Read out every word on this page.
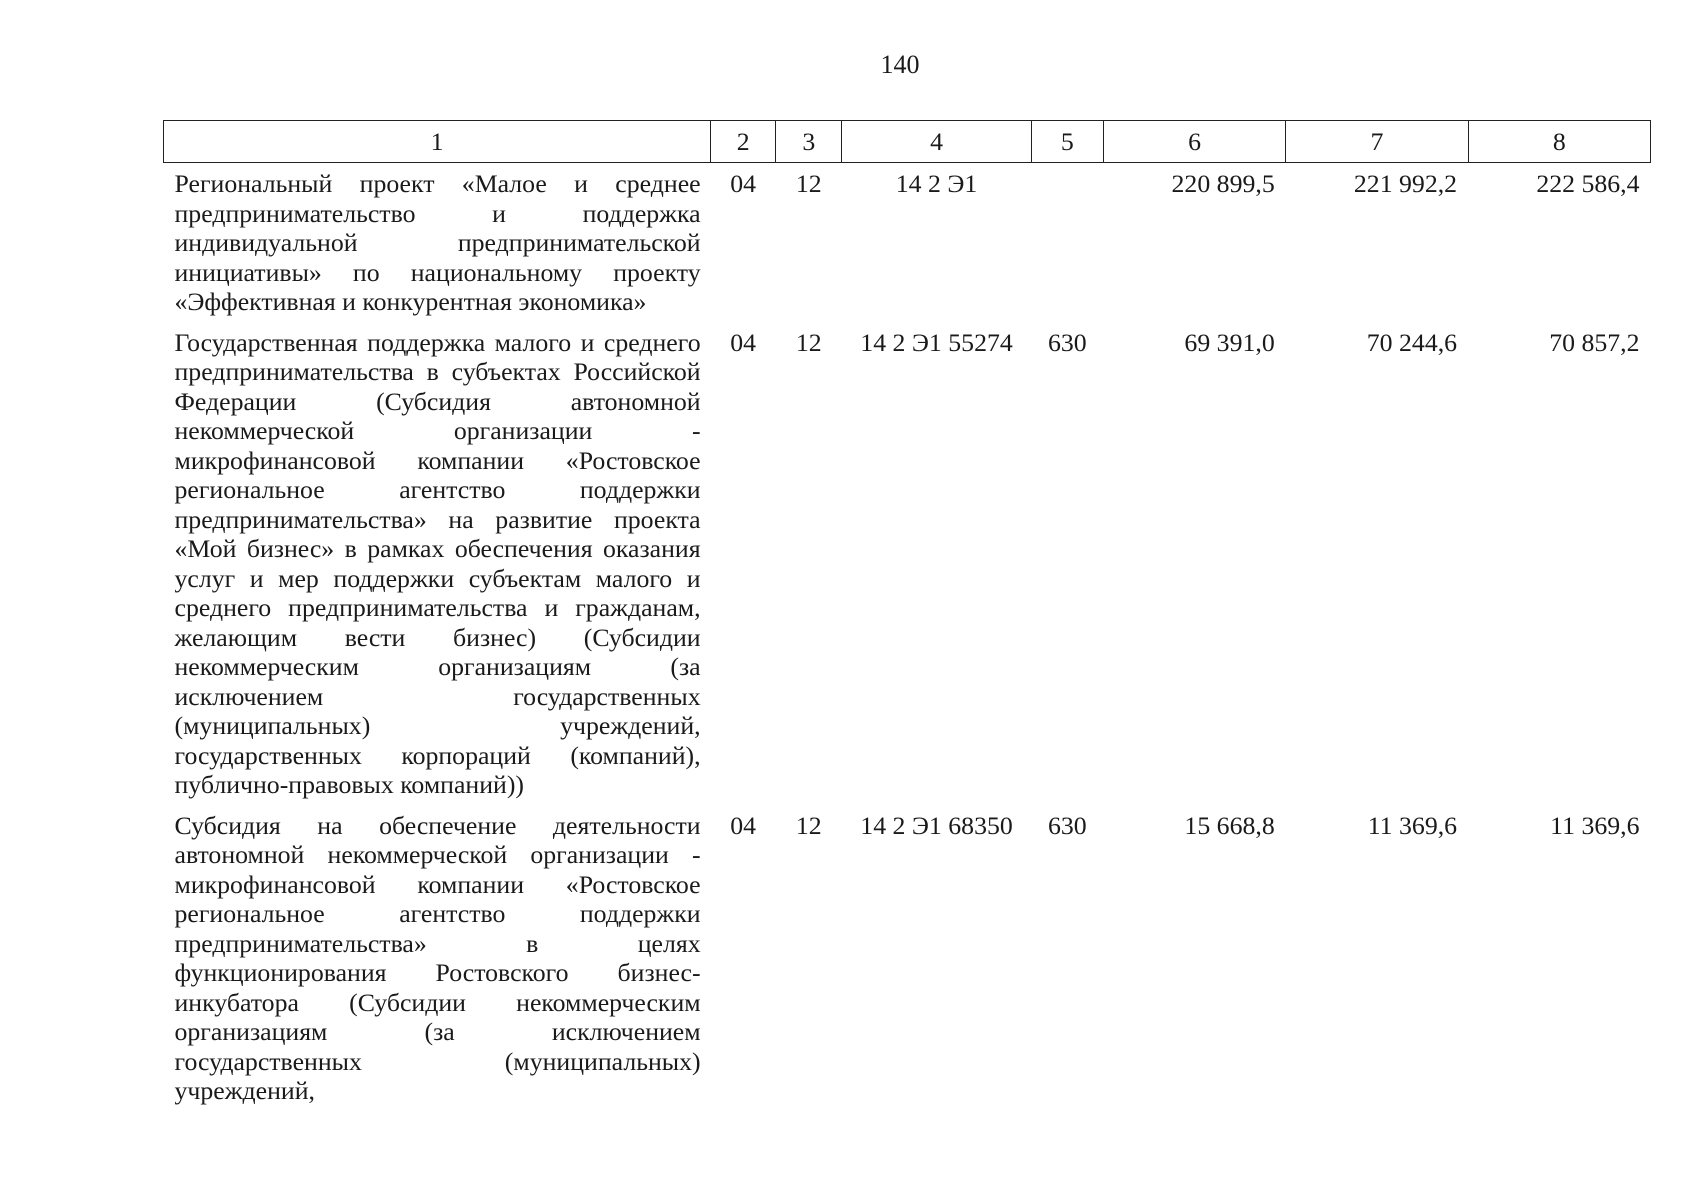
140
1	2	3	4	5	6	7	8
Региональный проект «Малое и среднее предпринимательство и поддержка индивидуальной предпринимательской инициативы» по национальному проекту «Эффективная и конкурентная экономика»	04	12	14 2 Э1		220 899,5	221 992,2	222 586,4
Государственная поддержка малого и среднего предпринимательства в субъектах Российской Федерации (Субсидия автономной некоммерческой организации - микрофинансовой компании «Ростовское региональное агентство поддержки предпринимательства» на развитие проекта «Мой бизнес» в рамках обеспечения оказания услуг и мер поддержки субъектам малого и среднего предпринимательства и гражданам, желающим вести бизнес) (Субсидии некоммерческим организациям (за исключением государственных (муниципальных) учреждений, государственных корпораций (компаний), публично-правовых компаний))	04	12	14 2 Э1 55274	630	69 391,0	70 244,6	70 857,2
Субсидия на обеспечение деятельности автономной некоммерческой организации - микрофинансовой компании «Ростовское региональное агентство поддержки предпринимательства» в целях функционирования Ростовского бизнес-инкубатора (Субсидии некоммерческим организациям (за исключением государственных (муниципальных) учреждений,	04	12	14 2 Э1 68350	630	15 668,8	11 369,6	11 369,6
